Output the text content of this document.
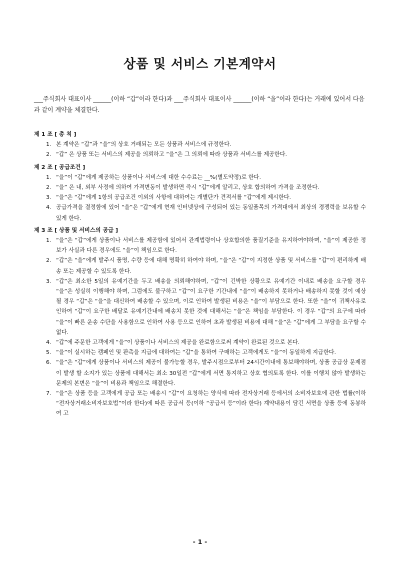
상품 및 서비스 기본계약서
___주식회사 대표이사 ______(이하 “갑”이라 한다)과 ___주식회사 대표이사 ______(이하 “을”이라 한다)는 거래에 있어서 다음과 같이 계약을 체결한다.
제 1 조 [ 총 칙 ]
1. 본 계약은 “갑”과 “을”의 상호 거래되는 모든 상품과 서비스에 규정한다.
2. “갑” 은 상품 또는 서비스의 제공을 의뢰하고 “을”은 그 의뢰에 따라 상품과 서비스를 제공한다.
제 2 조 [ 공급조건 ]
1. “을”이 “갑”에게 제공하는 상품이나 서비스에 대한 수수료는 __%(별도약정)로 한다.
2. “을” 은 내, 외부 사정에 의하여 가격변동이 발생하면 즉시 “갑”에게 알리고, 상호 합의하여 가격을 조정한다.
3. “을”은 “갑”에게 1항의 공급조건 이외의 사항에 대하여는 개별단가 견적서를 “갑”에게 제시한다.
4. 공급가격을 결정함에 있어 “을”은 “갑”에게 현재 인터넷상에 구성되어 있는 동일품목의 가격대에서 최상의 경쟁력을 보유할 수 있게 한다.
제 3 조 [ 상품 및 서비스의 공급 ]
1. “을”은 “갑”에게 상품이나 서비스를 제공함에 있어서 관계법령이나 상호합의한 품질기준을 유지하여야하며, “을”이 제공한 정보가 사실과 다른 경우에도 “을”이 책임으로 한다.
2. “갑”은 “을”에게 발주시 품명, 수량 등에 대해 명확히 하여야 하며, “을”은 “갑”이 지정한 상품 및 서비스를 “갑”이 편리하게 배송 또는 제공할 수 있도록 한다.
3. “갑”은 최소한 5일의 유예기간을 두고 배송을 의뢰해야하며, “갑”이 긴박한 상황으로 유예기간 이내로 배송을 요구할 경우 “을”은 성실히 이행해야 하며, 그럼에도 불구하고 “갑”이 요구한 기간내에 “을”이 배송하지 못하거나 배송하지 못할 것이 예상될 경우 “갑”은 “을”을 대신하여 배송할 수 있으며, 이로 인하여 발생된 비용은 “을”이 부담으로 한다. 또한 “을”이 귀책사유로 인하여 “갑”이 요구한 배달로 유예기간내에 배송치 못한 것에 대해서는 “을”은 책임을 부담한다. 이 경우 “갑”의 요구에 따라 “을”이 빠른 운송 수단을 사용함으로 인하여 사용 등으로 인하여 초과 발생된 비용에 대해 “을”은 “갑”에게 그 부담을 요구할 수 없다.
4. “갑”에 주문한 고객에게 “을”이 상품이나 서비스의 제공을 완료함으로써 계약이 완료된 것으로 본다.
5. “을”이 실시하는 캠페인 및 판촉을 지급에 대하여는 “갑”을 통하여 구매하는 고객에게도 “을”이 동일하게 지급한다.
6. “을”은 “갑”에게 상품이나 서비스의 제공이 불가능할 경우, 발주시점으로부터 24시간이내에 통보해야하며, 상품 공급상 문제점이 발생 할 소지가 있는 상품에 대해서는 최소 30일전 “갑”에게 서면 통지하고 상호 협의토록 한다. 이를 이행치 않아 발생하는 문제의 본변은 “을”이 비용과 책임으로 해결한다.
7. “을”은 상품 등을 고객에게 공급 또는 배송시 “갑”이 요청하는 양식에 따라 전자상거래 등에서의 소비자보호에 관한 법률(이하 “전자상거래소비자보호법”이라 한다)에 따른 공급서 등(이하 “공급서 등”이라 한다) 계약내용이 담긴 서면을 상품 등에 동봉하여 고
- 1 -
